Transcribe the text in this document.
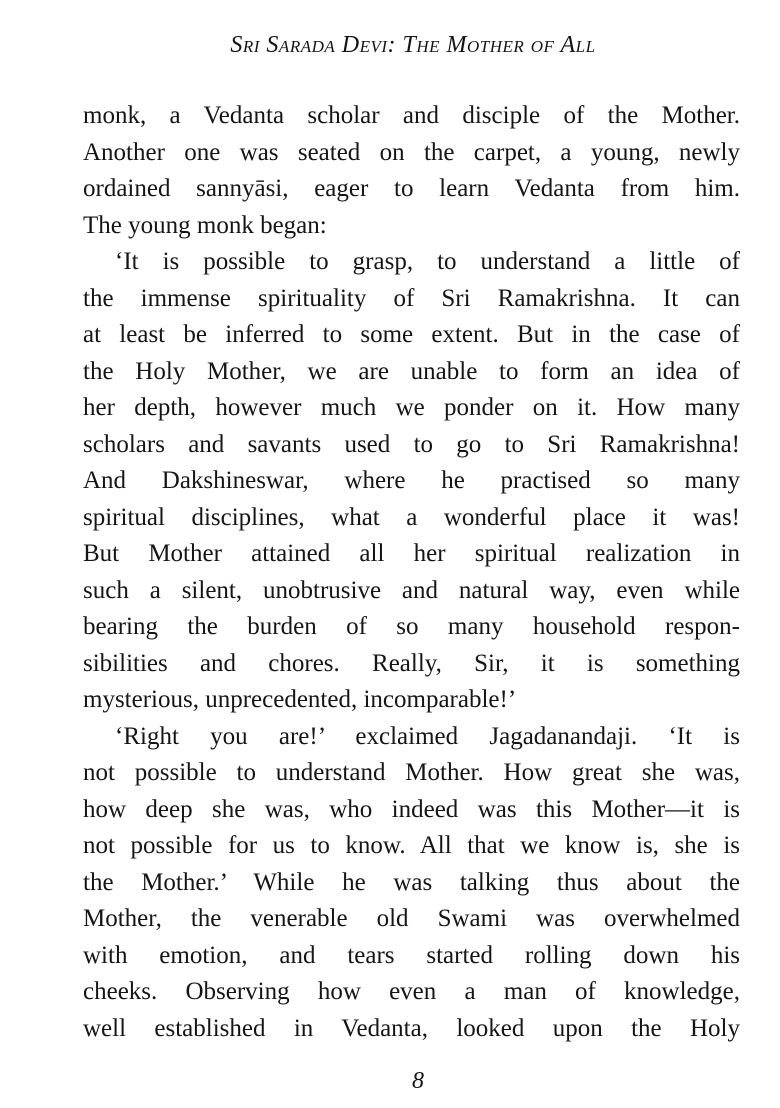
Sri Sarada Devi: The Mother of All
monk, a Vedanta scholar and disciple of the Mother.
Another one was seated on the carpet, a young, newly
ordained sannyāsi, eager to learn Vedanta from him.
The young monk began:
‘It is possible to grasp, to understand a little of
the immense spirituality of Sri Ramakrishna. It can
at least be inferred to some extent. But in the case of
the Holy Mother, we are unable to form an idea of
her depth, however much we ponder on it. How many
scholars and savants used to go to Sri Ramakrishna!
And Dakshineswar, where he practised so many
spiritual disciplines, what a wonderful place it was!
But Mother attained all her spiritual realization in
such a silent, unobtrusive and natural way, even while
bearing the burden of so many household respon-
sibilities and chores. Really, Sir, it is something
mysterious, unprecedented, incomparable!’
‘Right you are!’ exclaimed Jagadanandaji. ‘It is
not possible to understand Mother. How great she was,
how deep she was, who indeed was this Mother—it is
not possible for us to know. All that we know is, she is
the Mother.’ While he was talking thus about the
Mother, the venerable old Swami was overwhelmed
with emotion, and tears started rolling down his
cheeks. Observing how even a man of knowledge,
well established in Vedanta, looked upon the Holy
8
